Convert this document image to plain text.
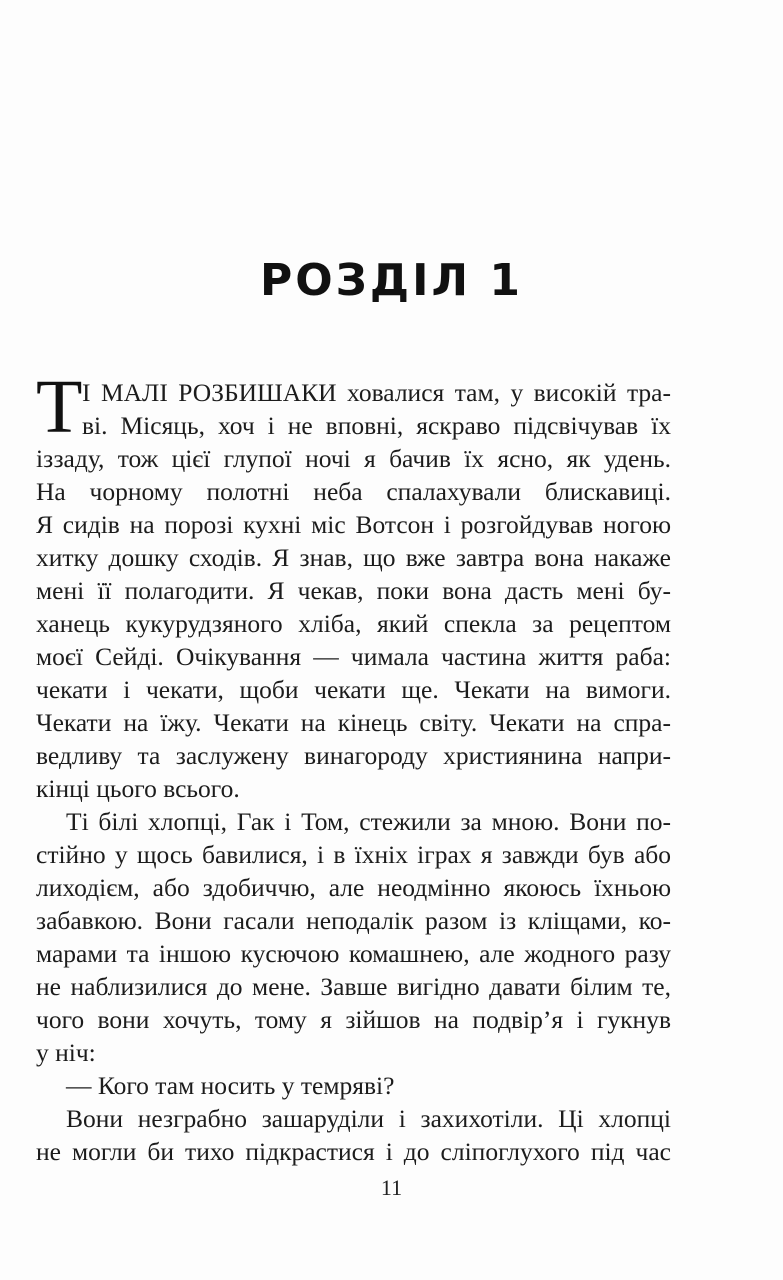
РОЗДІЛ 1
Т І МАЛІ РОЗБИШАКИ ховалися там, у високій тра-
ві. Місяць, хоч і не вповні, яскраво підсвічував їх
іззаду, тож цієї глупої ночі я бачив їх ясно, як удень.
На чорному полотні неба спалахували блискавиці.
Я сидів на порозі кухні міс Вотсон і розгойдував ногою
хитку дошку сходів. Я знав, що вже завтра вона накаже
мені її полагодити. Я чекав, поки вона дасть мені бу-
ханець кукурудзяного хліба, який спекла за рецептом
моєї Сейді. Очікування — чимала частина життя раба:
чекати і чекати, щоби чекати ще. Чекати на вимоги.
Чекати на їжу. Чекати на кінець світу. Чекати на спра-
ведливу та заслужену винагороду християнина напри-
кінці цього всього.
Ті білі хлопці, Гак і Том, стежили за мною. Вони по-
стійно у щось бавилися, і в їхніх іграх я завжди був або
лиходієм, або здобиччю, але неодмінно якоюсь їхньою
забавкою. Вони гасали неподалік разом із кліщами, ко-
марами та іншою кусючою комашнею, але жодного разу
не наблизилися до мене. Завше вигідно давати білим те,
чого вони хочуть, тому я зійшов на подвір’я і гукнув
у ніч:
— Кого там носить у темряві?
Вони незграбно зашаруділи і захихотіли. Ці хлопці
не могли би тихо підкрастися і до сліпоглухого під час
11
